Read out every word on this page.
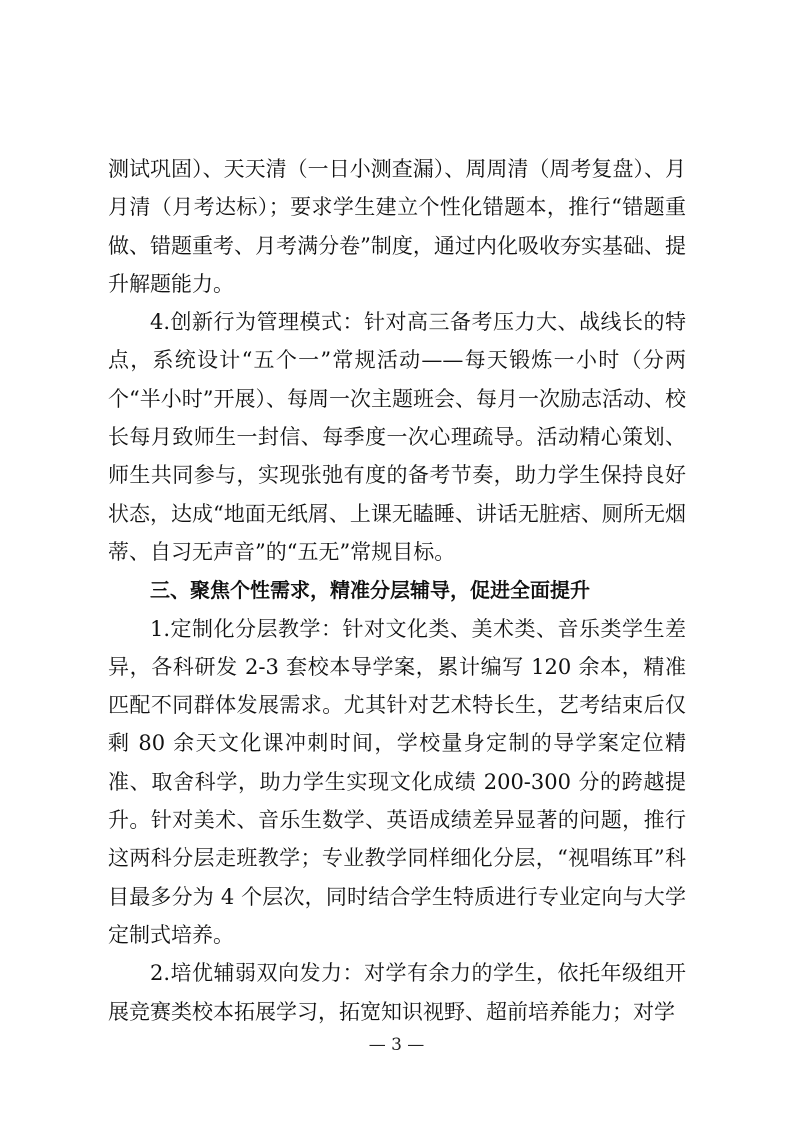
测试巩固）、天天清（一日小测查漏）、周周清（周考复盘）、月月清（月考达标）；要求学生建立个性化错题本，推行“错题重做、错题重考、月考满分卷”制度，通过内化吸收夯实基础、提升解题能力。

4.创新行为管理模式：针对高三备考压力大、战线长的特点，系统设计“五个一”常规活动——每天锻炼一小时（分两个“半小时”开展）、每周一次主题班会、每月一次励志活动、校长每月致师生一封信、每季度一次心理疏导。活动精心策划、师生共同参与，实现张弛有度的备考节奏，助力学生保持良好状态，达成“地面无纸屑、上课无瞌睡、讲话无脏痞、厕所无烟蒂、自习无声音”的“五无”常规目标。

三、聚焦个性需求，精准分层辅导，促进全面提升

1.定制化分层教学：针对文化类、美术类、音乐类学生差异，各科研发 2-3 套校本导学案，累计编写 120 余本，精准匹配不同群体发展需求。尤其针对艺术特长生，艺考结束后仅剩 80 余天文化课冲刺时间，学校量身定制的导学案定位精准、取舍科学，助力学生实现文化成绩 200-300 分的跨越提升。针对美术、音乐生数学、英语成绩差异显著的问题，推行这两科分层走班教学；专业教学同样细化分层，“视唱练耳”科目最多分为 4 个层次，同时结合学生特质进行专业定向与大学定制式培养。

2.培优辅弱双向发力：对学有余力的学生，依托年级组开展竞赛类校本拓展学习，拓宽知识视野、超前培养能力；对学

— 3 —
